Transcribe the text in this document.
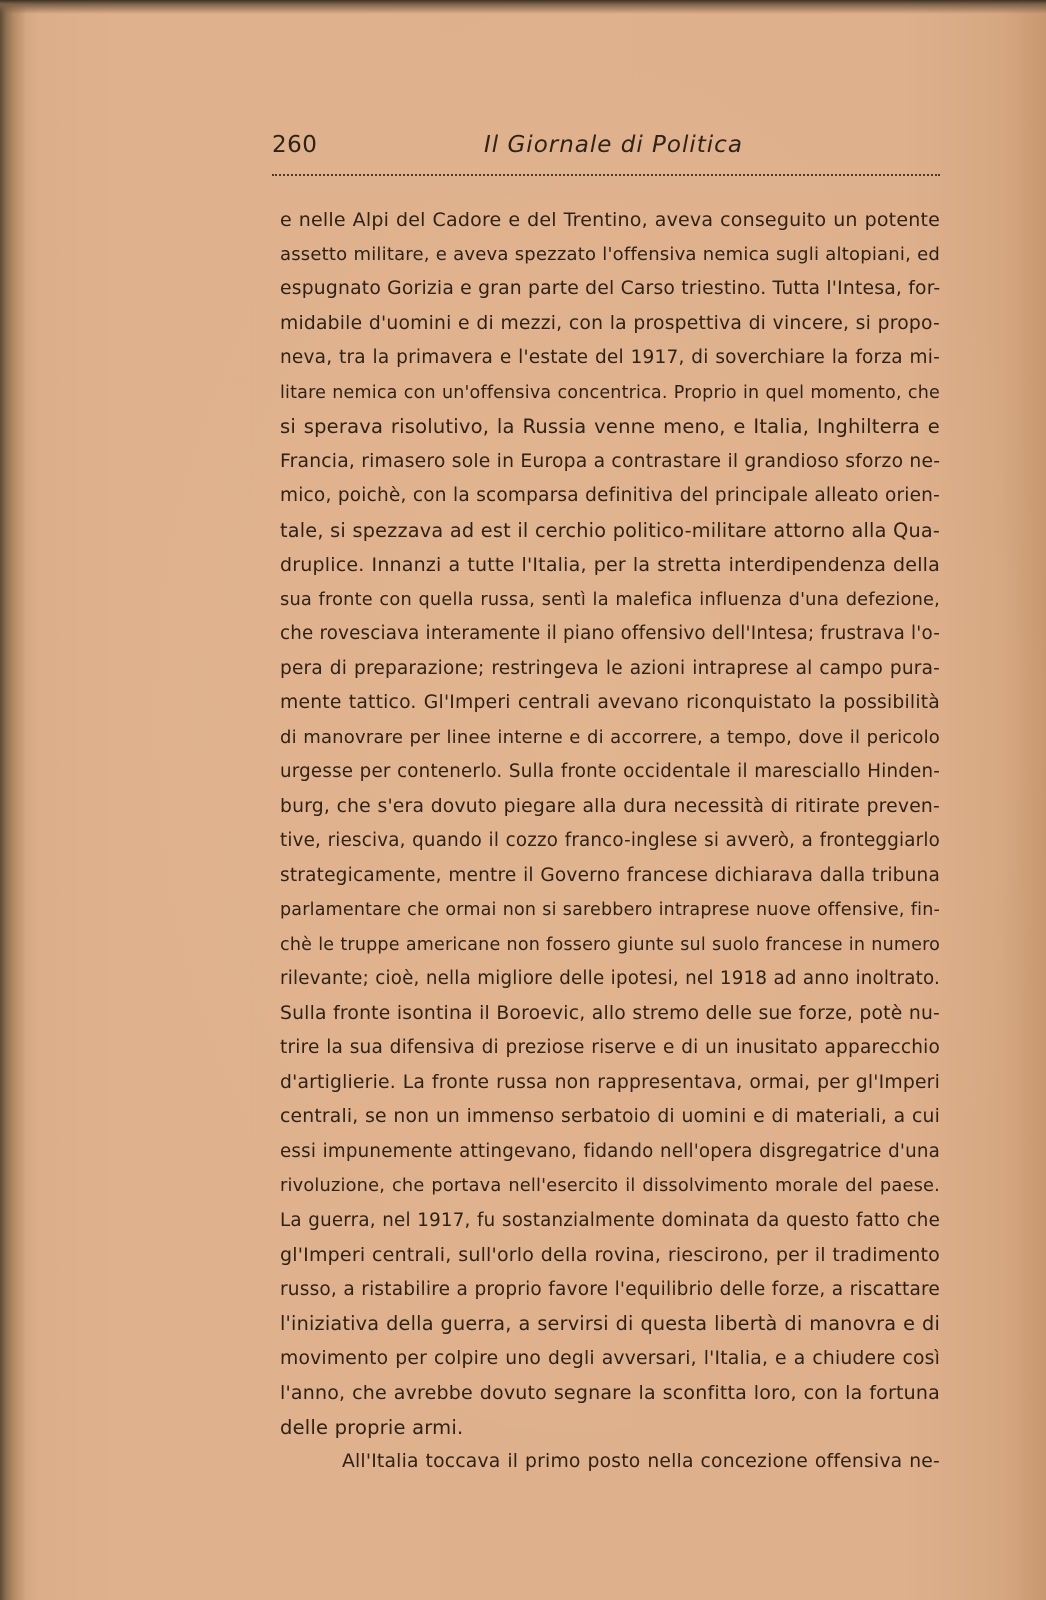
260	Il Giornale di Politica
e nelle Alpi del Cadore e del Trentino, aveva conseguito un potente
assetto militare, e aveva spezzato l'offensiva nemica sugli altopiani, ed
espugnato Gorizia e gran parte del Carso triestino. Tutta l'Intesa, for-
midabile d'uomini e di mezzi, con la prospettiva di vincere, si propo-
neva, tra la primavera e l'estate del 1917, di soverchiare la forza mi-
litare nemica con un'offensiva concentrica. Proprio in quel momento, che
si sperava risolutivo, la Russia venne meno, e Italia, Inghilterra e
Francia, rimasero sole in Europa a contrastare il grandioso sforzo ne-
mico, poichè, con la scomparsa definitiva del principale alleato orien-
tale, si spezzava ad est il cerchio politico-militare attorno alla Qua-
druplice. Innanzi a tutte l'Italia, per la stretta interdipendenza della
sua fronte con quella russa, sentì la malefica influenza d'una defezione,
che rovesciava interamente il piano offensivo dell'Intesa; frustrava l'o-
pera di preparazione; restringeva le azioni intraprese al campo pura-
mente tattico. Gl'Imperi centrali avevano riconquistato la possibilità
di manovrare per linee interne e di accorrere, a tempo, dove il pericolo
urgesse per contenerlo. Sulla fronte occidentale il maresciallo Hinden-
burg, che s'era dovuto piegare alla dura necessità di ritirate preven-
tive, riesciva, quando il cozzo franco-inglese si avverò, a fronteggiarlo
strategicamente, mentre il Governo francese dichiarava dalla tribuna
parlamentare che ormai non si sarebbero intraprese nuove offensive, fin-
chè le truppe americane non fossero giunte sul suolo francese in numero
rilevante; cioè, nella migliore delle ipotesi, nel 1918 ad anno inoltrato.
Sulla fronte isontina il Boroevic, allo stremo delle sue forze, potè nu-
trire la sua difensiva di preziose riserve e di un inusitato apparecchio
d'artiglierie. La fronte russa non rappresentava, ormai, per gl'Imperi
centrali, se non un immenso serbatoio di uomini e di materiali, a cui
essi impunemente attingevano, fidando nell'opera disgregatrice d'una
rivoluzione, che portava nell'esercito il dissolvimento morale del paese.
La guerra, nel 1917, fu sostanzialmente dominata da questo fatto che
gl'Imperi centrali, sull'orlo della rovina, riescirono, per il tradimento
russo, a ristabilire a proprio favore l'equilibrio delle forze, a riscattare
l'iniziativa della guerra, a servirsi di questa libertà di manovra e di
movimento per colpire uno degli avversari, l'Italia, e a chiudere così
l'anno, che avrebbe dovuto segnare la sconfitta loro, con la fortuna
delle proprie armi.
All'Italia toccava il primo posto nella concezione offensiva ne-
